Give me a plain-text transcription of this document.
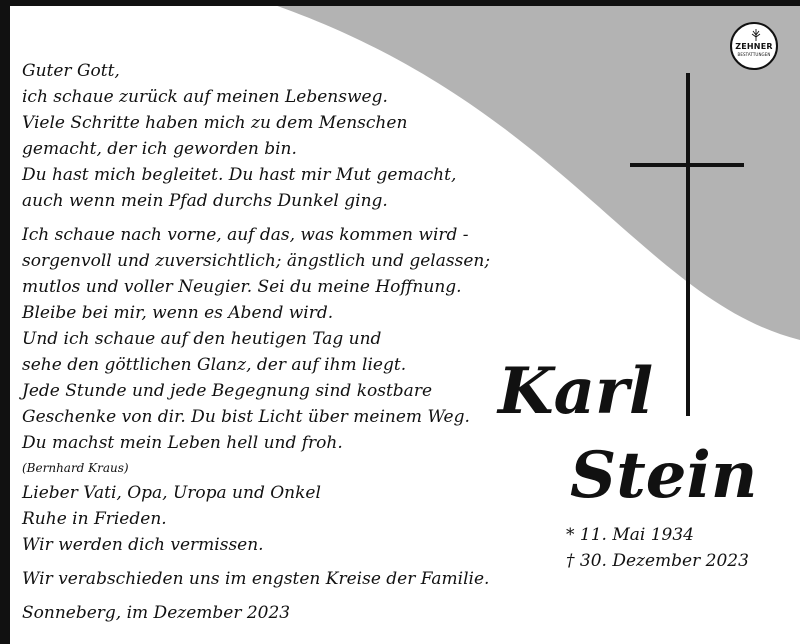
ZEHNER
BESTATTUNGEN
Guter Gott,
ich schaue zurück auf meinen Lebensweg.
Viele Schritte haben mich zu dem Menschen
gemacht, der ich geworden bin.
Du hast mich begleitet. Du hast mir Mut gemacht,
auch wenn mein Pfad durchs Dunkel ging.
Ich schaue nach vorne, auf das, was kommen wird -
sorgenvoll und zuversichtlich; ängstlich und gelassen;
mutlos und voller Neugier. Sei du meine Hoffnung.
Bleibe bei mir, wenn es Abend wird.
Und ich schaue auf den heutigen Tag und
sehe den göttlichen Glanz, der auf ihm liegt.
Jede Stunde und jede Begegnung sind kostbare
Geschenke von dir. Du bist Licht über meinem Weg.
Du machst mein Leben hell und froh.
(Bernhard Kraus)
Lieber Vati, Opa, Uropa und Onkel
Ruhe in Frieden.
Wir werden dich vermissen.
Wir verabschieden uns im engsten Kreise der Familie.
Sonneberg, im Dezember 2023
Karl
Stein
* 11. Mai 1934
† 30. Dezember 2023
